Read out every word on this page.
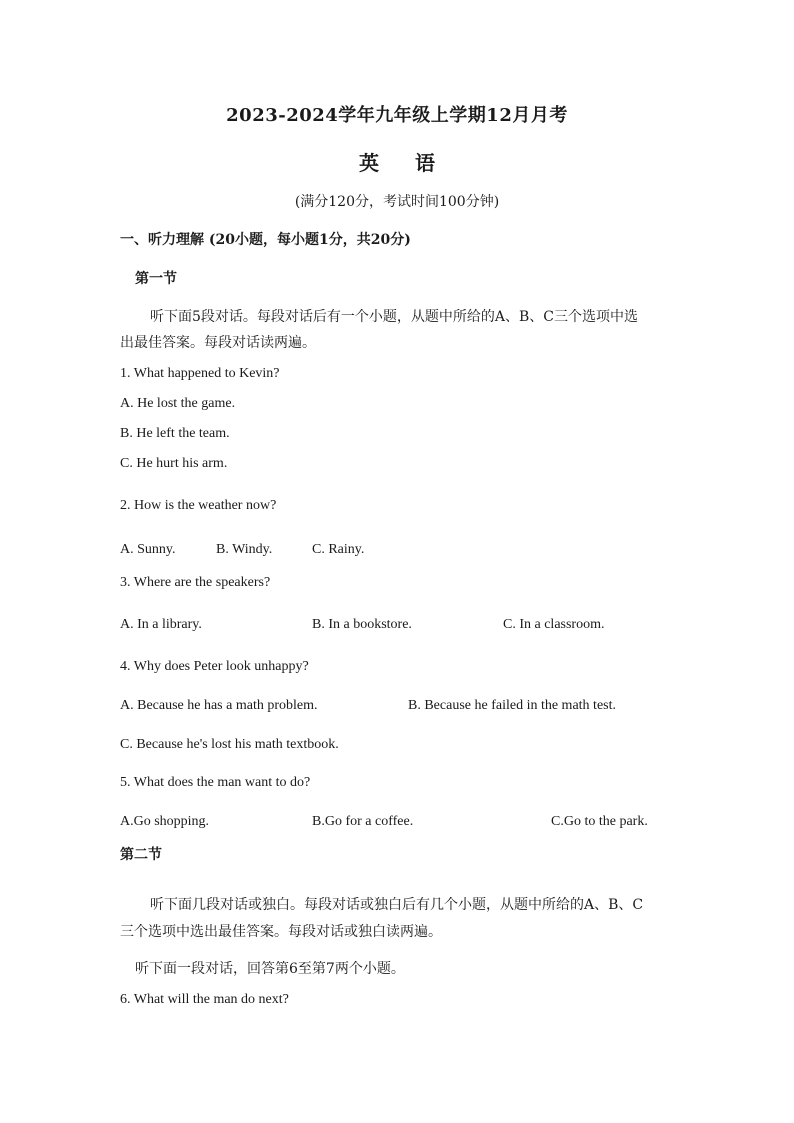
2023-2024学年九年级上学期12月月考
英 语
(满分120分，考试时间100分钟)
一、听力理解 (20小题，每小题1分，共20分)
第一节
听下面5段对话。每段对话后有一个小题，从题中所给的A、B、C三个选项中选
出最佳答案。每段对话读两遍。
1. What happened to Kevin?
A. He lost the game.
B. He left the team.
C. He hurt his arm.
2. How is the weather now?
A. Sunny.	B. Windy.	C. Rainy.
3. Where are the speakers?
A. In a library.	B. In a bookstore.	C. In a classroom.
4. Why does Peter look unhappy?
A. Because he has a math problem.	B. Because he failed in the math test.
C. Because he's lost his math textbook.
5. What does the man want to do?
A.Go shopping.	B.Go for a coffee.	C.Go to the park.
第二节
听下面几段对话或独白。每段对话或独白后有几个小题，从题中所给的A、B、C
三个选项中选出最佳答案。每段对话或独白读两遍。
听下面一段对话，回答第6至第7两个小题。
6. What will the man do next?
